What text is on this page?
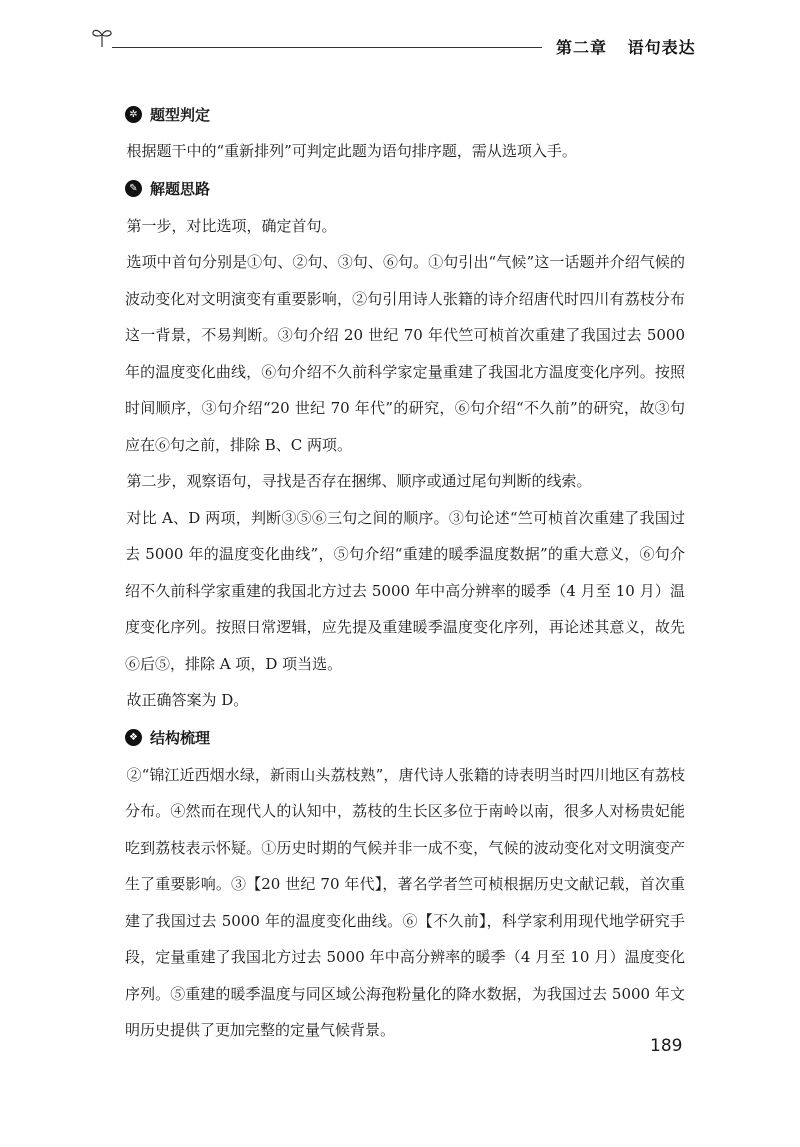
第二章 语句表达
✲ 题型判定

根据题干中的“重新排列”可判定此题为语句排序题，需从选项入手。

✎ 解题思路

第一步，对比选项，确定首句。

选项中首句分别是①句、②句、③句、⑥句。①句引出“气候”这一话题并介绍气候的波动变化对文明演变有重要影响，②句引用诗人张籍的诗介绍唐代时四川有荔枝分布这一背景，不易判断。③句介绍 20 世纪 70 年代竺可桢首次重建了我国过去 5000 年的温度变化曲线，⑥句介绍不久前科学家定量重建了我国北方温度变化序列。按照时间顺序，③句介绍“20 世纪 70 年代”的研究，⑥句介绍“不久前”的研究，故③句应在⑥句之前，排除 B、C 两项。

第二步，观察语句，寻找是否存在捆绑、顺序或通过尾句判断的线索。

对比 A、D 两项，判断③⑤⑥三句之间的顺序。③句论述“竺可桢首次重建了我国过去 5000 年的温度变化曲线”，⑤句介绍“重建的暖季温度数据”的重大意义，⑥句介绍不久前科学家重建的我国北方过去 5000 年中高分辨率的暖季（4 月至 10 月）温度变化序列。按照日常逻辑，应先提及重建暖季温度变化序列，再论述其意义，故先⑥后⑤，排除 A 项，D 项当选。

故正确答案为 D。

❖ 结构梳理

②“锦江近西烟水绿，新雨山头荔枝熟”，唐代诗人张籍的诗表明当时四川地区有荔枝分布。④然而在现代人的认知中，荔枝的生长区多位于南岭以南，很多人对杨贵妃能吃到荔枝表示怀疑。①历史时期的气候并非一成不变，气候的波动变化对文明演变产生了重要影响。③【20 世纪 70 年代】，著名学者竺可桢根据历史文献记载，首次重建了我国过去 5000 年的温度变化曲线。⑥【不久前】，科学家利用现代地学研究手段，定量重建了我国北方过去 5000 年中高分辨率的暖季（4 月至 10 月）温度变化序列。⑤重建的暖季温度与同区域公海孢粉量化的降水数据，为我国过去 5000 年文明历史提供了更加完整的定量气候背景。

189
